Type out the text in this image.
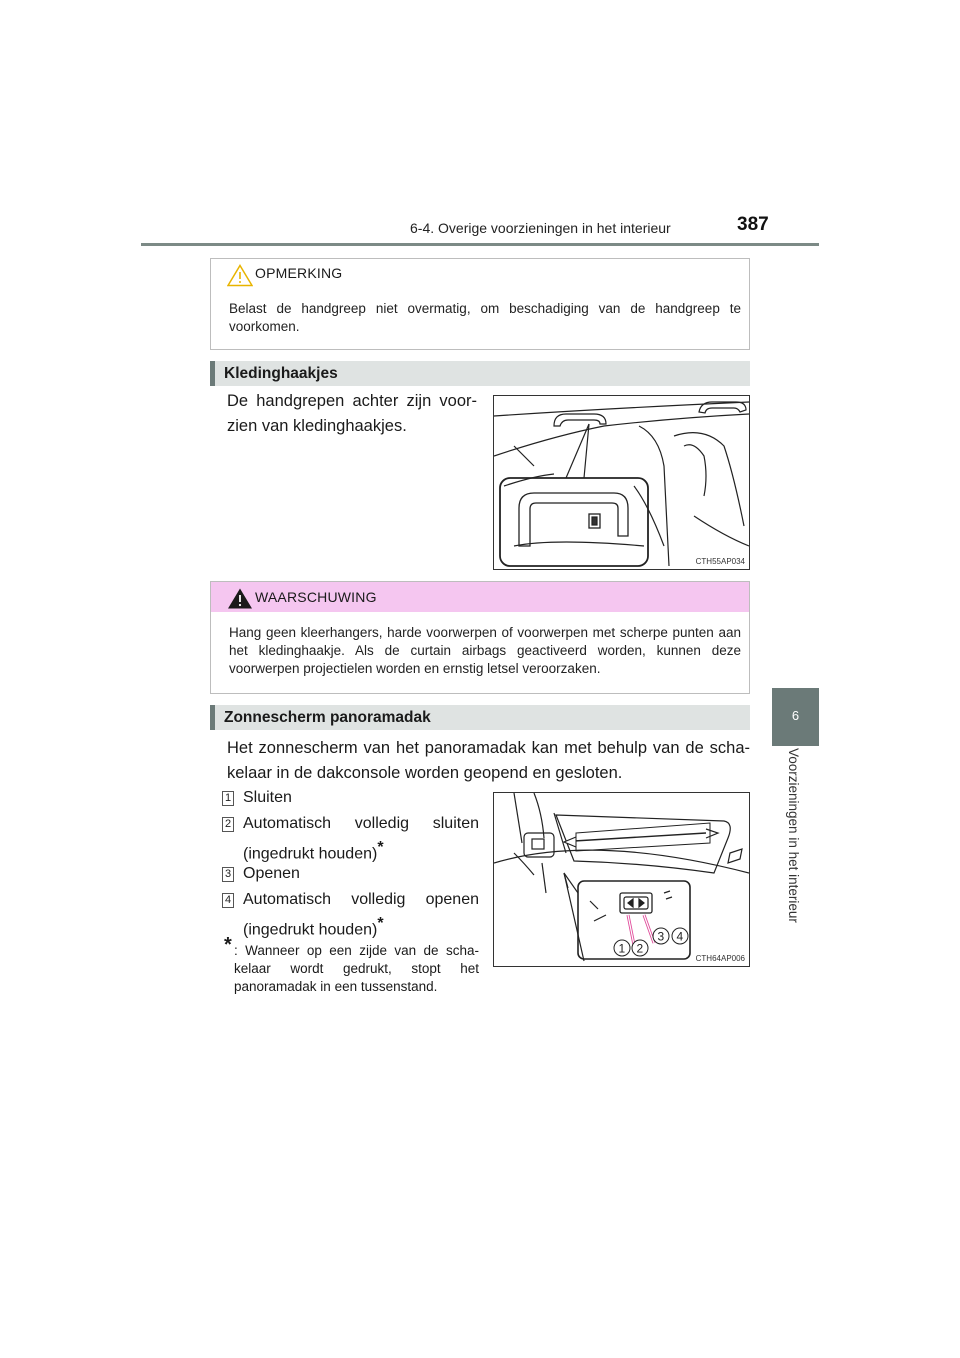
6-4. Overige voorzieningen in het interieur	387
6
Voorzieningen in het interieur
OPMERKING
Belast de handgreep niet overmatig, om beschadiging van de handgreep te voorkomen.
Kledinghaakjes
De handgrepen achter zijn voor-zien van kledinghaakjes.
CTH55AP034
WAARSCHUWING
Hang geen kleerhangers, harde voorwerpen of voorwerpen met scherpe punten aan het kledinghaakje. Als de curtain airbags geactiveerd worden, kunnen deze voorwerpen projectielen worden en ernstig letsel veroorzaken.
Zonnescherm panoramadak
Het zonnescherm van het panoramadak kan met behulp van de scha-kelaar in de dakconsole worden geopend en gesloten.
1 Sluiten
2 Automatisch volledig sluiten (ingedrukt houden)*
3 Openen
4 Automatisch volledig openen (ingedrukt houden)*
* : Wanneer op een zijde van de scha-kelaar wordt gedrukt, stopt het panoramadak in een tussenstand.
1 2
3 4
CTH64AP006
